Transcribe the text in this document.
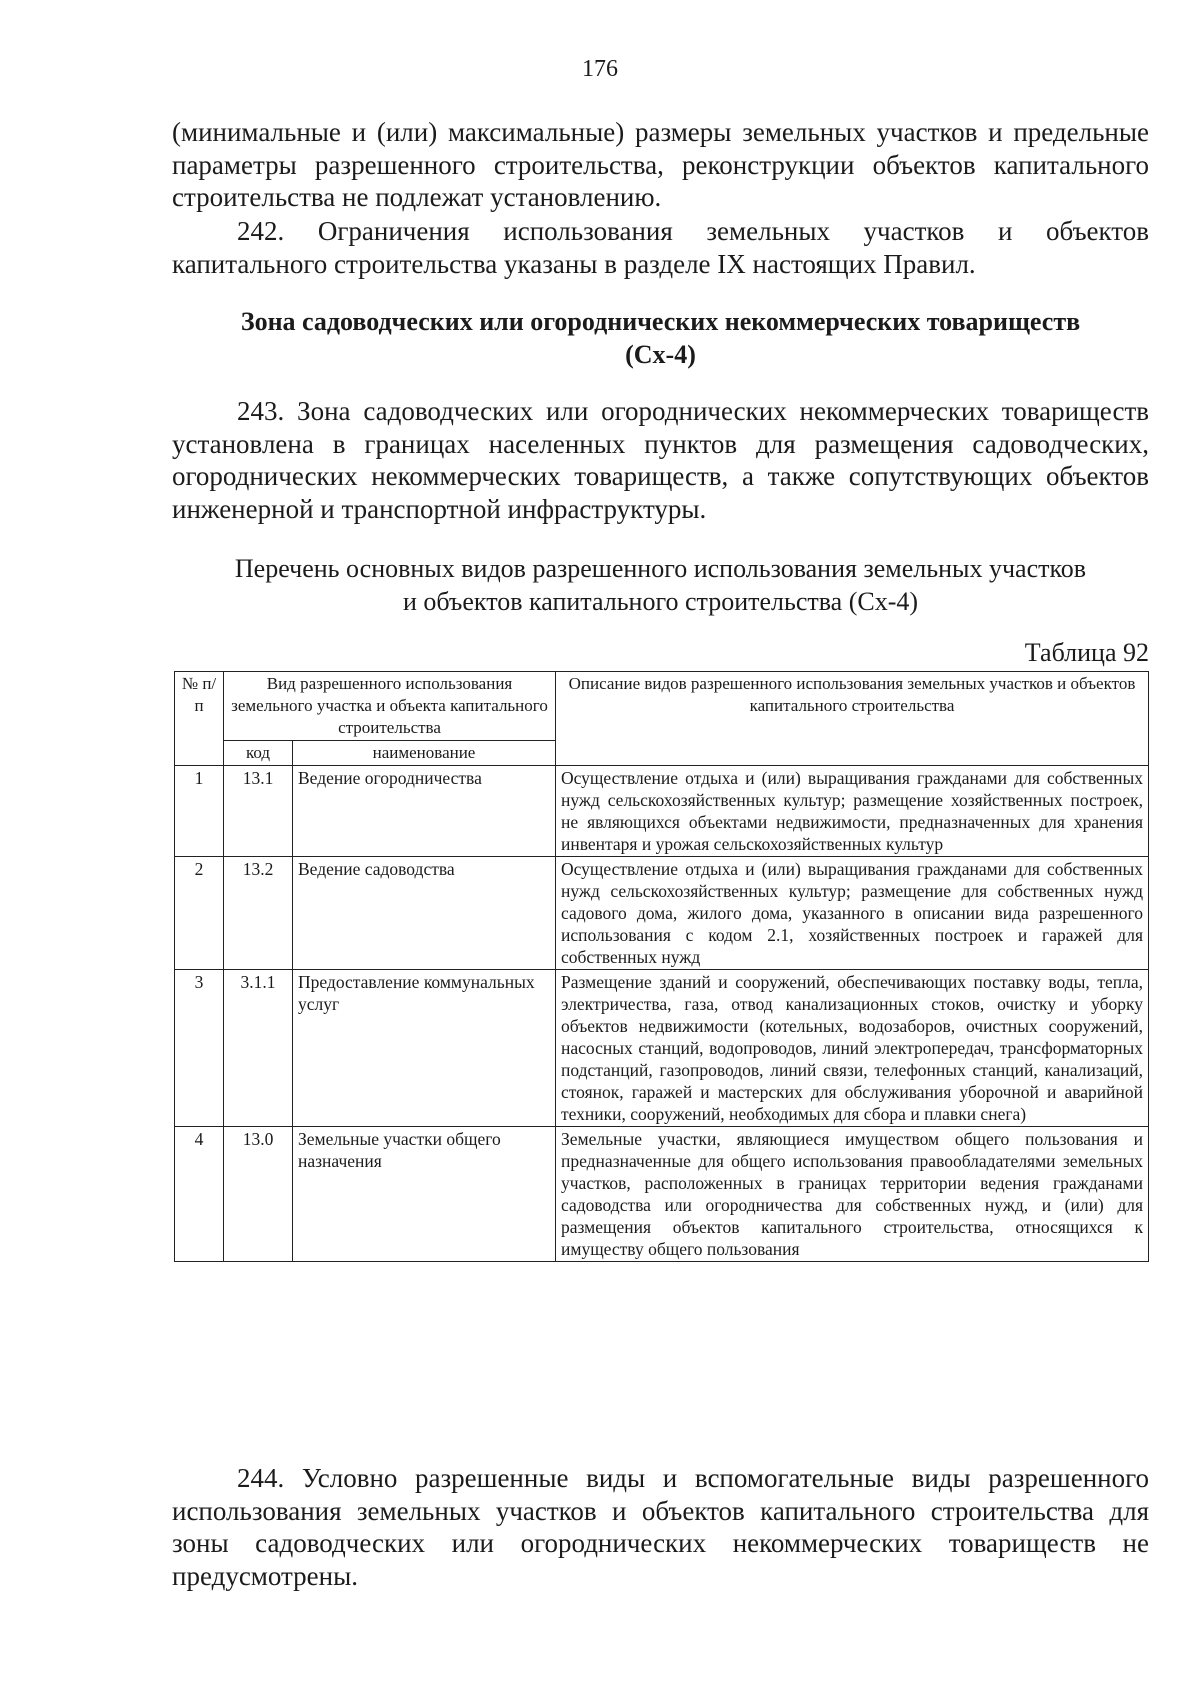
176
(минимальные и (или) максимальные) размеры земельных участков и предельные параметры разрешенного строительства, реконструкции объектов капитального строительства не подлежат установлению.
242. Ограничения использования земельных участков и объектов капитального строительства указаны в разделе IX настоящих Правил.
Зона садоводческих или огороднических некоммерческих товариществ
(Сх-4)
243. Зона садоводческих или огороднических некоммерческих товариществ установлена в границах населенных пунктов для размещения садоводческих, огороднических некоммерческих товариществ, а также сопутствующих объектов инженерной и транспортной инфраструктуры.
Перечень основных видов разрешенного использования земельных участков
и объектов капитального строительства (Сх-4)
Таблица 92
№ п/п	Вид разрешенного использования земельного участка и объекта капитального строительства		Описание видов разрешенного использования земельных участков и объектов капитального строительства
	код	наименование	
1	13.1	Ведение огородничества	Осуществление отдыха и (или) выращивания гражданами для собственных нужд сельскохозяйственных культур; размещение хозяйственных построек, не являющихся объектами недвижимости, предназначенных для хранения инвентаря и урожая сельскохозяйственных культур
2	13.2	Ведение садоводства	Осуществление отдыха и (или) выращивания гражданами для собственных нужд сельскохозяйственных культур; размещение для собственных нужд садового дома, жилого дома, указанного в описании вида разрешенного использования с кодом 2.1, хозяйственных построек и гаражей для собственных нужд
3	3.1.1	Предоставление коммунальных услуг	Размещение зданий и сооружений, обеспечивающих поставку воды, тепла, электричества, газа, отвод канализационных стоков, очистку и уборку объектов недвижимости (котельных, водозаборов, очистных сооружений, насосных станций, водопроводов, линий электропередач, трансформаторных подстанций, газопроводов, линий связи, телефонных станций, канализаций, стоянок, гаражей и мастерских для обслуживания уборочной и аварийной техники, сооружений, необходимых для сбора и плавки снега)
4	13.0	Земельные участки общего назначения	Земельные участки, являющиеся имуществом общего пользования и предназначенные для общего использования правообладателями земельных участков, расположенных в границах территории ведения гражданами садоводства или огородничества для собственных нужд, и (или) для размещения объектов капитального строительства, относящихся к имуществу общего пользования
244. Условно разрешенные виды и вспомогательные виды разрешенного использования земельных участков и объектов капитального строительства для зоны садоводческих или огороднических некоммерческих товариществ не предусмотрены.
